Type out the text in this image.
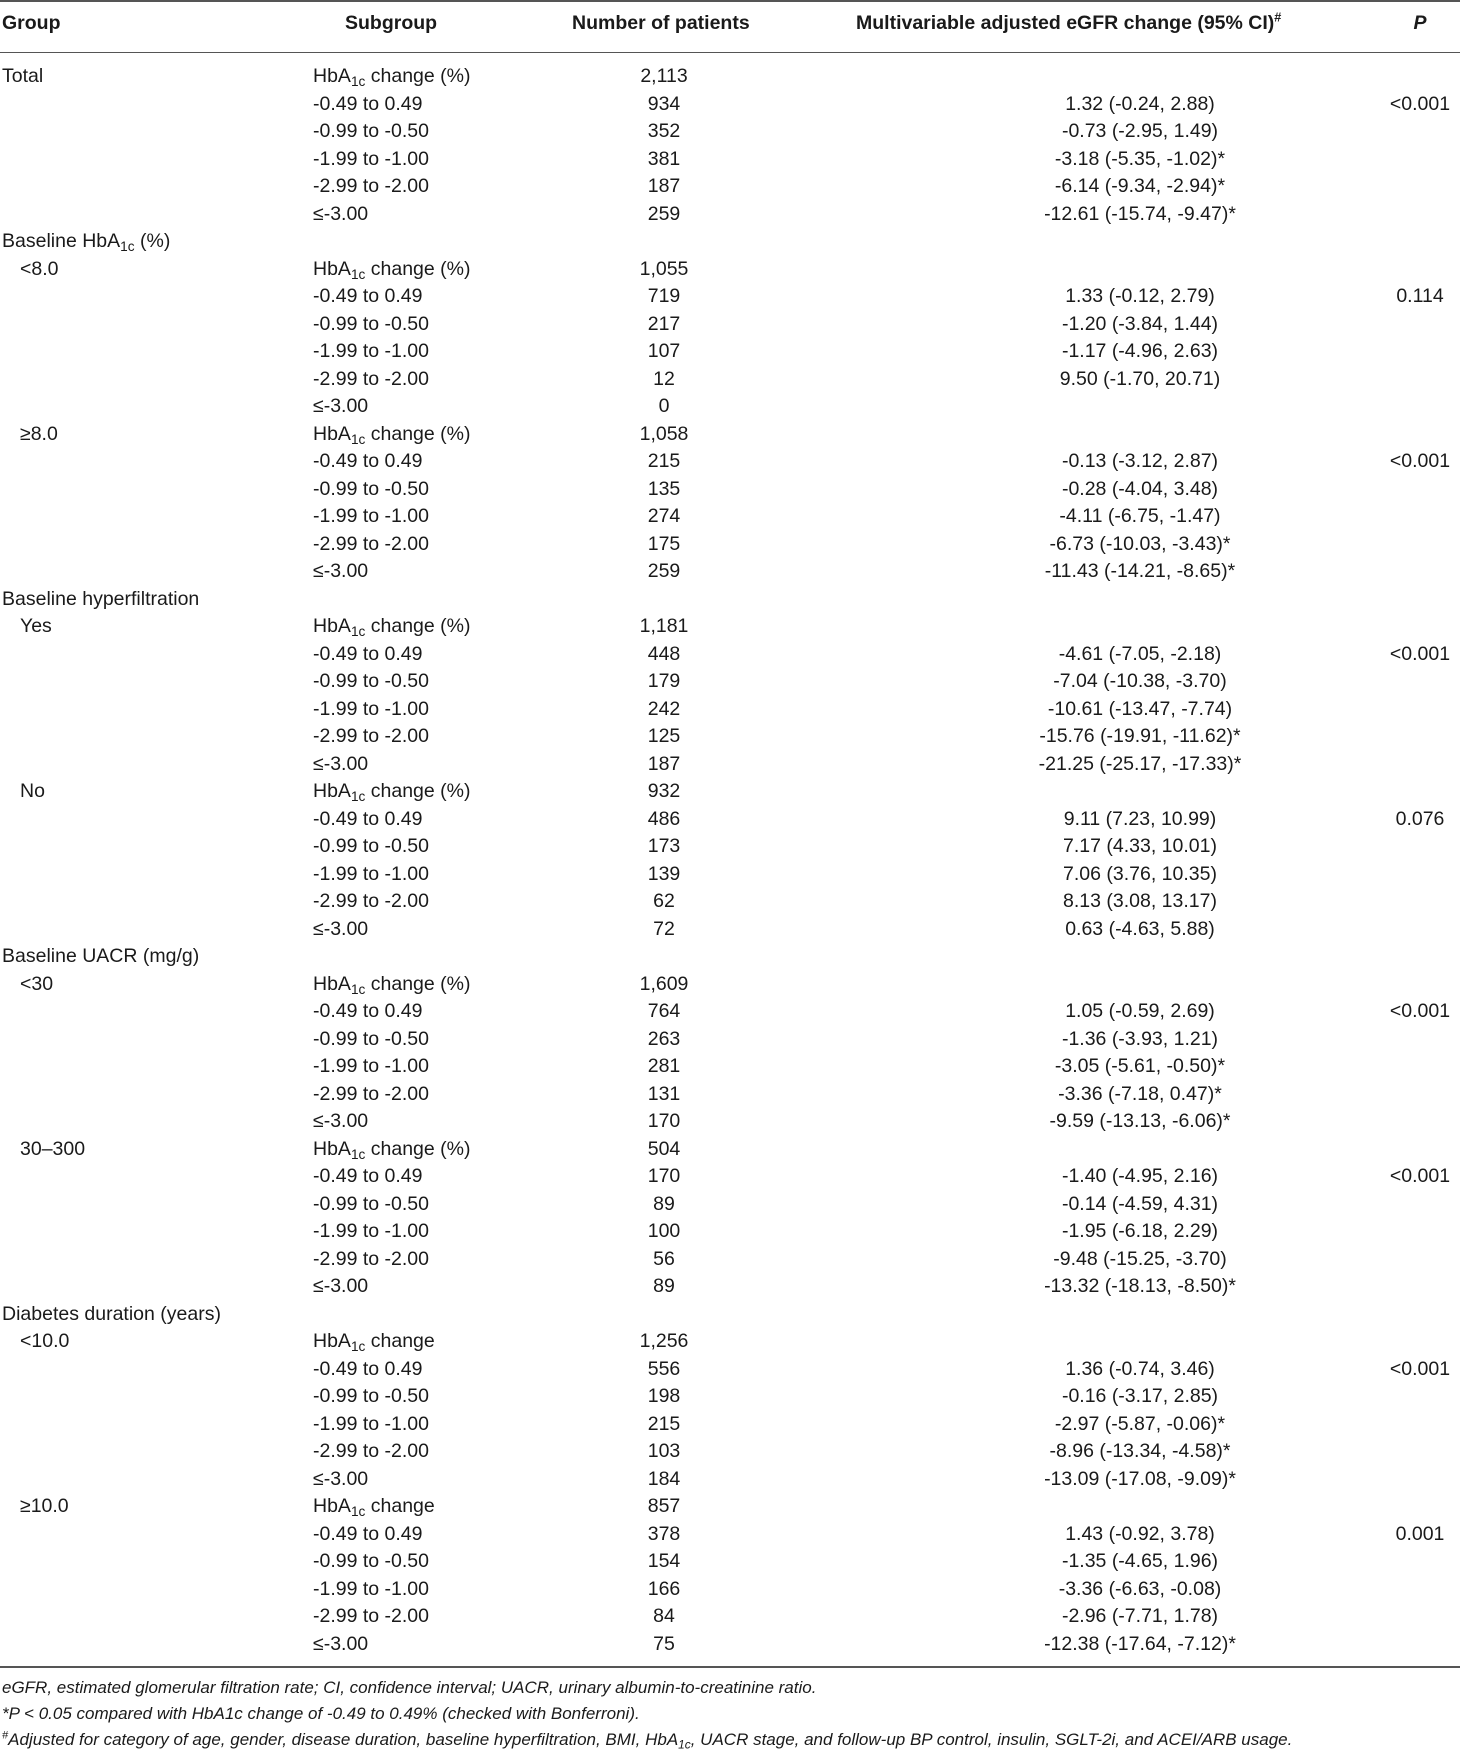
Group	Subgroup	Number of patients	Multivariable adjusted eGFR change (95% CI)#	P
Total	HbA$_{1c}$ change (%)	2,113
-0.49 to 0.49	934	1.32 (-0.24, 2.88)	<0.001
-0.99 to -0.50	352	-0.73 (-2.95, 1.49)
-1.99 to -1.00	381	-3.18 (-5.35, -1.02)*
-2.99 to -2.00	187	-6.14 (-9.34, -2.94)*
≤-3.00	259	-12.61 (-15.74, -9.47)*
Baseline HbA$_{1c}$ (%)
<8.0	HbA$_{1c}$ change (%)	1,055
-0.49 to 0.49	719	1.33 (-0.12, 2.79)	0.114
-0.99 to -0.50	217	-1.20 (-3.84, 1.44)
-1.99 to -1.00	107	-1.17 (-4.96, 2.63)
-2.99 to -2.00	12	9.50 (-1.70, 20.71)
≤-3.00	0
≥8.0	HbA$_{1c}$ change (%)	1,058
-0.49 to 0.49	215	-0.13 (-3.12, 2.87)	<0.001
-0.99 to -0.50	135	-0.28 (-4.04, 3.48)
-1.99 to -1.00	274	-4.11 (-6.75, -1.47)
-2.99 to -2.00	175	-6.73 (-10.03, -3.43)*
≤-3.00	259	-11.43 (-14.21, -8.65)*
Baseline hyperfiltration
Yes	HbA$_{1c}$ change (%)	1,181
-0.49 to 0.49	448	-4.61 (-7.05, -2.18)	<0.001
-0.99 to -0.50	179	-7.04 (-10.38, -3.70)
-1.99 to -1.00	242	-10.61 (-13.47, -7.74)
-2.99 to -2.00	125	-15.76 (-19.91, -11.62)*
≤-3.00	187	-21.25 (-25.17, -17.33)*
No	HbA$_{1c}$ change (%)	932
-0.49 to 0.49	486	9.11 (7.23, 10.99)	0.076
-0.99 to -0.50	173	7.17 (4.33, 10.01)
-1.99 to -1.00	139	7.06 (3.76, 10.35)
-2.99 to -2.00	62	8.13 (3.08, 13.17)
≤-3.00	72	0.63 (-4.63, 5.88)
Baseline UACR (mg/g)
<30	HbA$_{1c}$ change (%)	1,609
-0.49 to 0.49	764	1.05 (-0.59, 2.69)	<0.001
-0.99 to -0.50	263	-1.36 (-3.93, 1.21)
-1.99 to -1.00	281	-3.05 (-5.61, -0.50)*
-2.99 to -2.00	131	-3.36 (-7.18, 0.47)*
≤-3.00	170	-9.59 (-13.13, -6.06)*
30–300	HbA$_{1c}$ change (%)	504
-0.49 to 0.49	170	-1.40 (-4.95, 2.16)	<0.001
-0.99 to -0.50	89	-0.14 (-4.59, 4.31)
-1.99 to -1.00	100	-1.95 (-6.18, 2.29)
-2.99 to -2.00	56	-9.48 (-15.25, -3.70)
≤-3.00	89	-13.32 (-18.13, -8.50)*
Diabetes duration (years)
<10.0	HbA$_{1c}$ change	1,256
-0.49 to 0.49	556	1.36 (-0.74, 3.46)	<0.001
-0.99 to -0.50	198	-0.16 (-3.17, 2.85)
-1.99 to -1.00	215	-2.97 (-5.87, -0.06)*
-2.99 to -2.00	103	-8.96 (-13.34, -4.58)*
≤-3.00	184	-13.09 (-17.08, -9.09)*
≥10.0	HbA$_{1c}$ change	857
-0.49 to 0.49	378	1.43 (-0.92, 3.78)	0.001
-0.99 to -0.50	154	-1.35 (-4.65, 1.96)
-1.99 to -1.00	166	-3.36 (-6.63, -0.08)
-2.99 to -2.00	84	-2.96 (-7.71, 1.78)
≤-3.00	75	-12.38 (-17.64, -7.12)*
eGFR, estimated glomerular filtration rate; CI, confidence interval; UACR, urinary albumin-to-creatinine ratio.
*P < 0.05 compared with HbA1c change of -0.49 to 0.49% (checked with Bonferroni).
#Adjusted for category of age, gender, disease duration, baseline hyperfiltration, BMI, HbA$_{1c}$, UACR stage, and follow-up BP control, insulin, SGLT-2i, and ACEI/ARB usage.
